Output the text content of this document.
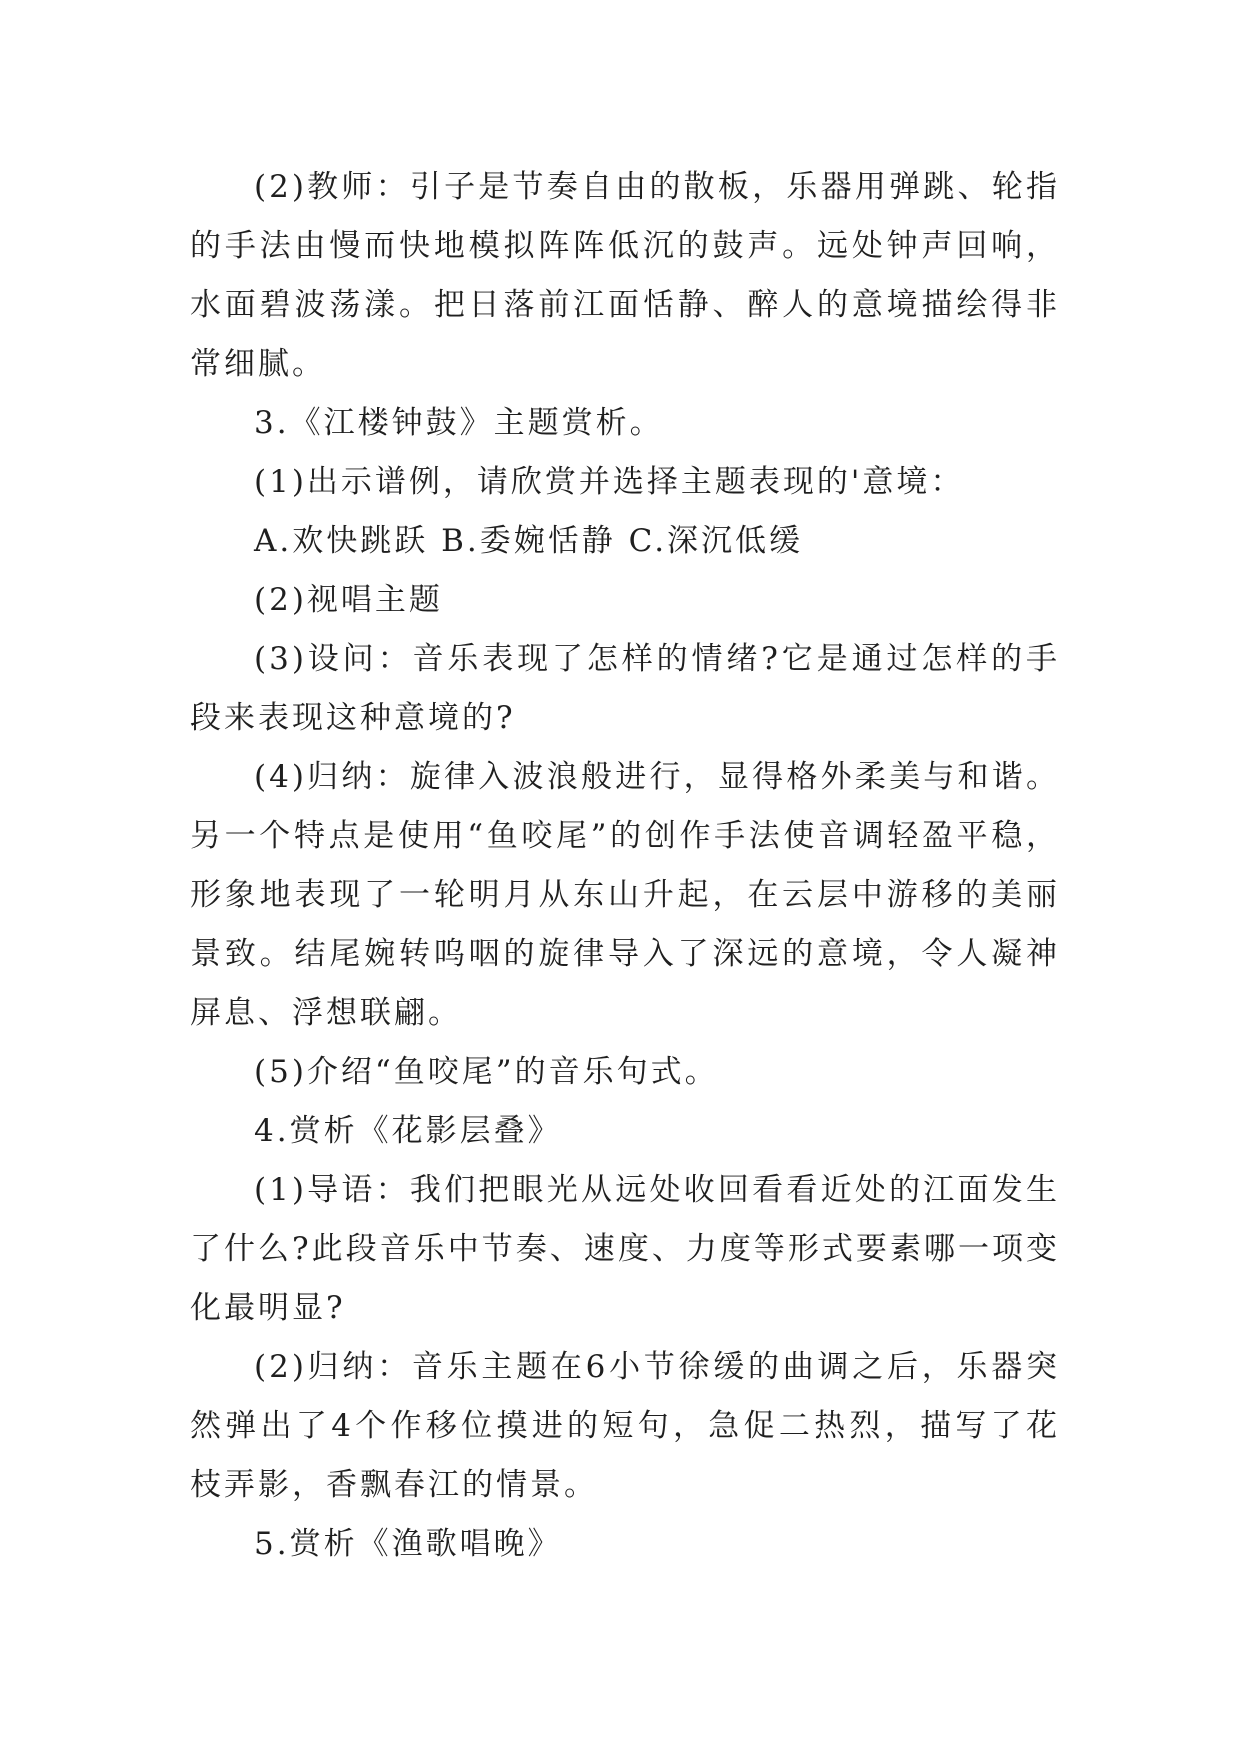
(2)教师：引子是节奏自由的散板，乐器用弹跳、轮指的手法由慢而快地模拟阵阵低沉的鼓声。远处钟声回响，水面碧波荡漾。把日落前江面恬静、醉人的意境描绘得非常细腻。

3.《江楼钟鼓》主题赏析。

(1)出示谱例，请欣赏并选择主题表现的'意境：

A.欢快跳跃 B.委婉恬静 C.深沉低缓

(2)视唱主题

(3)设问：音乐表现了怎样的情绪?它是通过怎样的手段来表现这种意境的?

(4)归纳：旋律入波浪般进行，显得格外柔美与和谐。另一个特点是使用“鱼咬尾”的创作手法使音调轻盈平稳，形象地表现了一轮明月从东山升起，在云层中游移的美丽景致。结尾婉转呜咽的旋律导入了深远的意境，令人凝神屏息、浮想联翩。

(5)介绍“鱼咬尾”的音乐句式。

4.赏析《花影层叠》

(1)导语：我们把眼光从远处收回看看近处的江面发生了什么?此段音乐中节奏、速度、力度等形式要素哪一项变化最明显?

(2)归纳：音乐主题在6小节徐缓的曲调之后，乐器突然弹出了4个作移位摸进的短句，急促二热烈，描写了花枝弄影，香飘春江的情景。

5.赏析《渔歌唱晚》
